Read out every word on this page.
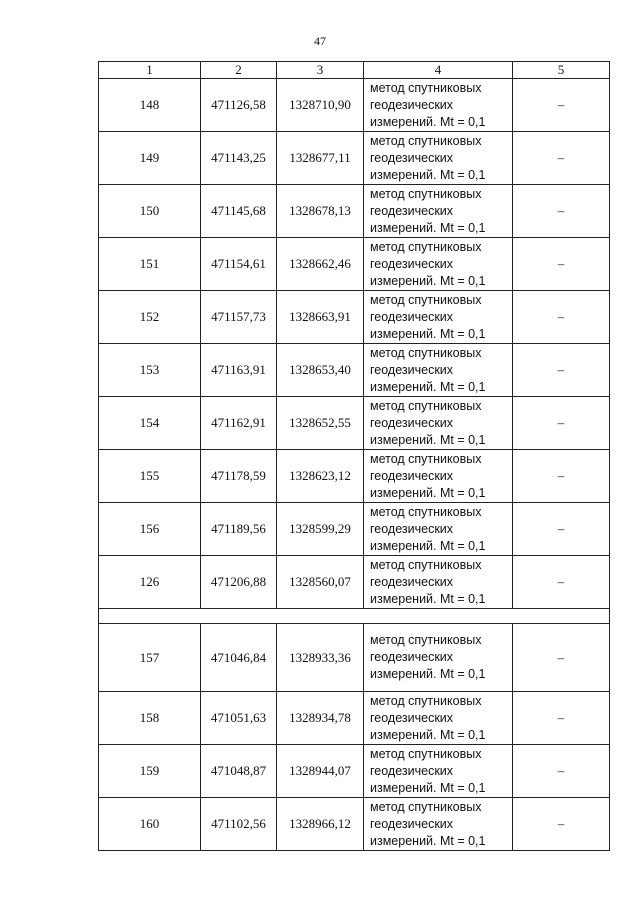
47
1	2	3	4	5
148	471126,58	1328710,90	метод спутниковых
геодезических
измерений. Mt = 0,1	–
149	471143,25	1328677,11	метод спутниковых
геодезических
измерений. Mt = 0,1	–
150	471145,68	1328678,13	метод спутниковых
геодезических
измерений. Mt = 0,1	–
151	471154,61	1328662,46	метод спутниковых
геодезических
измерений. Mt = 0,1	–
152	471157,73	1328663,91	метод спутниковых
геодезических
измерений. Mt = 0,1	–
153	471163,91	1328653,40	метод спутниковых
геодезических
измерений. Mt = 0,1	–
154	471162,91	1328652,55	метод спутниковых
геодезических
измерений. Mt = 0,1	–
155	471178,59	1328623,12	метод спутниковых
геодезических
измерений. Mt = 0,1	–
156	471189,56	1328599,29	метод спутниковых
геодезических
измерений. Mt = 0,1	–
126	471206,88	1328560,07	метод спутниковых
геодезических
измерений. Mt = 0,1	–

157	471046,84	1328933,36	метод спутниковых
геодезических
измерений. Mt = 0,1	–
158	471051,63	1328934,78	метод спутниковых
геодезических
измерений. Mt = 0,1	–
159	471048,87	1328944,07	метод спутниковых
геодезических
измерений. Mt = 0,1	–
160	471102,56	1328966,12	метод спутниковых
геодезических
измерений. Mt = 0,1	–
